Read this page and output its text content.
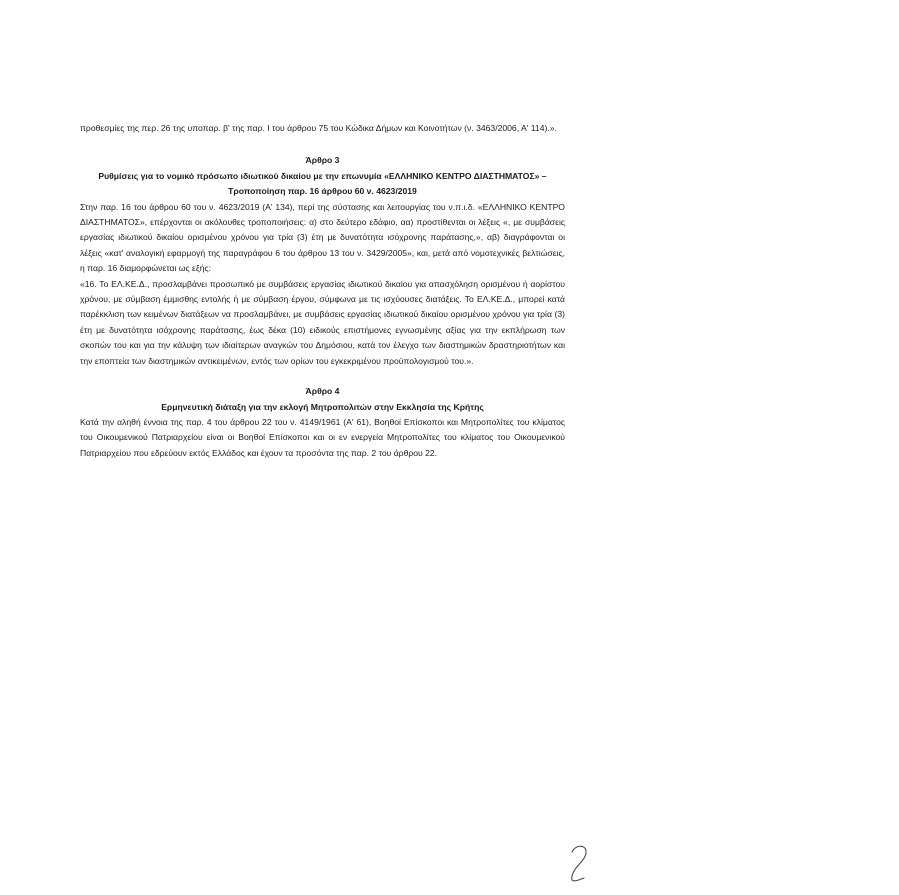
προθεσμίες της περ. 26 της υποπαρ. β' της παρ. Ι του άρθρου 75 του Κώδικα Δήμων και Κοινοτήτων (ν. 3463/2006, Α' 114).».

Άρθρο 3

Ρυθμίσεις για το νομικό πρόσωπο ιδιωτικού δικαίου με την επωνυμία «ΕΛΛΗΝΙΚΟ ΚΕΝΤΡΟ ΔΙΑΣΤΗΜΑΤΟΣ» – Τροποποίηση παρ. 16 άρθρου 60 ν. 4623/2019

Στην παρ. 16 του άρθρου 60 του ν. 4623/2019 (Α' 134), περί της σύστασης και λειτουργίας του ν.π.ι.δ. «ΕΛΛΗΝΙΚΟ ΚΕΝΤΡΟ ΔΙΑΣΤΗΜΑΤΟΣ», επέρχονται οι ακόλουθες τροποποιήσεις: α) στο δεύτερο εδάφιο, αα) προστίθενται οι λέξεις «, με συμβάσεις εργασίας ιδιωτικού δικαίου ορισμένου χρόνου για τρία (3) έτη με δυνατότητα ισόχρονης παράτασης,», αβ) διαγράφονται οι λέξεις «κατ' αναλογική εφαρμογή της παραγράφου 6 του άρθρου 13 του ν. 3429/2005», και, μετά από νομοτεχνικές βελτιώσεις, η παρ. 16 διαμορφώνεται ως εξής:

«16. Το ΕΛ.ΚΕ.Δ., προσλαμβάνει προσωπικό με συμβάσεις εργασίας ιδιωτικού δικαίου για απασχόληση ορισμένου ή αορίστου χρόνου, με σύμβαση έμμισθης εντολής ή με σύμβαση έργου, σύμφωνα με τις ισχύουσες διατάξεις. Το ΕΛ.ΚΕ.Δ., μπορεί κατά παρέκκλιση των κειμένων διατάξεων να προσλαμβάνει, με συμβάσεις εργασίας ιδιωτικού δικαίου ορισμένου χρόνου για τρία (3) έτη με δυνατότητα ισόχρονης παράτασης, έως δέκα (10) ειδικούς επιστήμονες εγνωσμένης αξίας για την εκπλήρωση των σκοπών του και για την κάλυψη των ιδιαίτερων αναγκών του Δημόσιου, κατά τον έλεγχο των διαστημικών δραστηριοτήτων και την εποπτεία των διαστημικών αντικειμένων, εντός των ορίων του εγκεκριμένου προϋπολογισμού του.».

Άρθρο 4

Ερμηνευτική διάταξη για την εκλογή Μητροπολιτών στην Εκκλησία της Κρήτης

Κατά την αληθή έννοια της παρ. 4 του άρθρου 22 του ν. 4149/1961 (Α' 61), Βοηθοί Επίσκοποι και Μητροπολίτες του κλίματος του Οικουμενικού Πατριαρχείου είναι οι Βοηθοί Επίσκοποι και οι εν ενεργεία Μητροπολίτες του κλίματος του Οικουμενικού Πατριαρχείου που εδρεύουν εκτός Ελλάδος και έχουν τα προσόντα της παρ. 2 του άρθρου 22.
